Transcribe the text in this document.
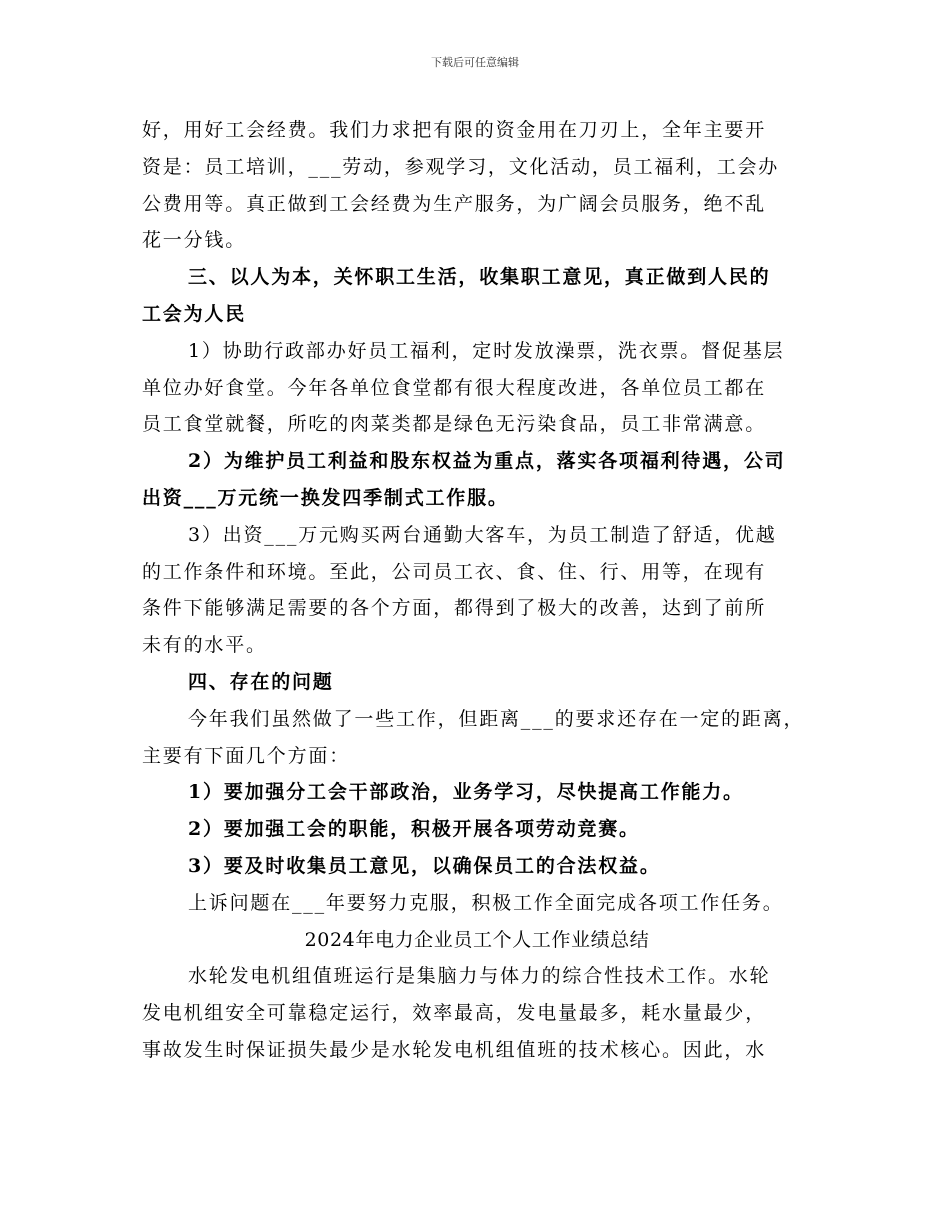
下载后可任意编辑

好，用好工会经费。我们力求把有限的资金用在刀刃上，全年主要开

资是：员工培训，___劳动，参观学习，文化活动，员工福利，工会办

公费用等。真正做到工会经费为生产服务，为广阔会员服务，绝不乱

花一分钱。

三、以人为本，关怀职工生活，收集职工意见，真正做到人民的

工会为人民

1）协助行政部办好员工福利，定时发放澡票，洗衣票。督促基层

单位办好食堂。今年各单位食堂都有很大程度改进，各单位员工都在

员工食堂就餐，所吃的肉菜类都是绿色无污染食品，员工非常满意。

2）为维护员工利益和股东权益为重点，落实各项福利待遇，公司

出资___万元统一换发四季制式工作服。

3）出资___万元购买两台通勤大客车，为员工制造了舒适，优越

的工作条件和环境。至此，公司员工衣、食、住、行、用等，在现有

条件下能够满足需要的各个方面，都得到了极大的改善，达到了前所

未有的水平。

四、存在的问题

今年我们虽然做了一些工作，但距离___的要求还存在一定的距离，

主要有下面几个方面：

1）要加强分工会干部政治，业务学习，尽快提高工作能力。

2）要加强工会的职能，积极开展各项劳动竞赛。

3）要及时收集员工意见，以确保员工的合法权益。

上诉问题在___年要努力克服，积极工作全面完成各项工作任务。

2024年电力企业员工个人工作业绩总结

水轮发电机组值班运行是集脑力与体力的综合性技术工作。水轮

发电机组安全可靠稳定运行，效率最高，发电量最多，耗水量最少，

事故发生时保证损失最少是水轮发电机组值班的技术核心。因此，水
